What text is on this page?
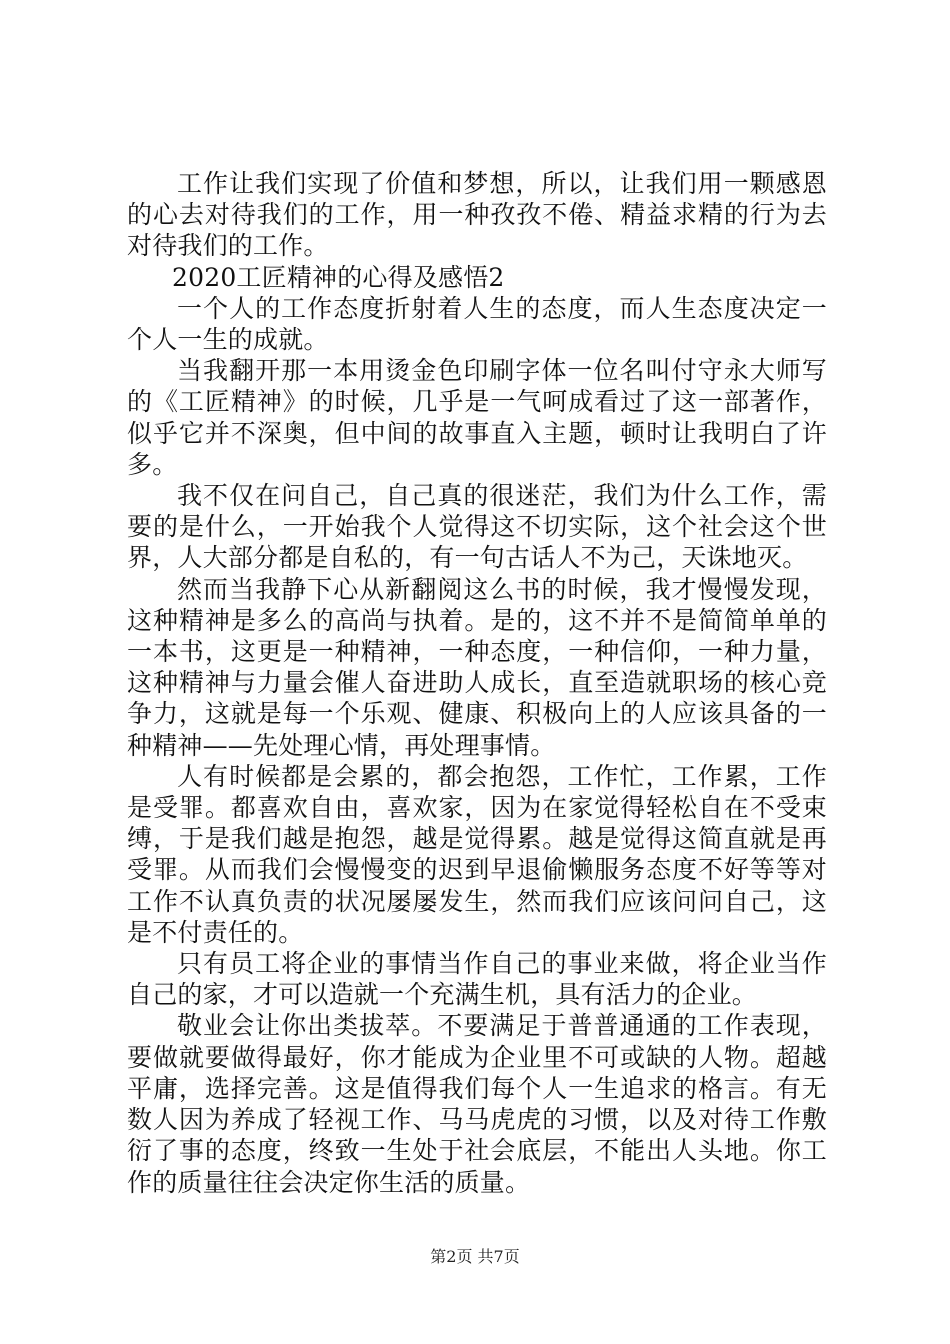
工作让我们实现了价值和梦想，所以，让我们用一颗感恩的心去对待我们的工作，用一种孜孜不倦、精益求精的行为去对待我们的工作。

2020工匠精神的心得及感悟2

一个人的工作态度折射着人生的态度，而人生态度决定一个人一生的成就。

当我翻开那一本用烫金色印刷字体一位名叫付守永大师写的《工匠精神》的时候，几乎是一气呵成看过了这一部著作，似乎它并不深奥，但中间的故事直入主题，顿时让我明白了许多。

我不仅在问自己，自己真的很迷茫，我们为什么工作，需要的是什么，一开始我个人觉得这不切实际，这个社会这个世界，人大部分都是自私的，有一句古话人不为己，天诛地灭。

然而当我静下心从新翻阅这么书的时候，我才慢慢发现，这种精神是多么的高尚与执着。是的，这不并不是简简单单的一本书，这更是一种精神，一种态度，一种信仰，一种力量，这种精神与力量会催人奋进助人成长，直至造就职场的核心竞争力，这就是每一个乐观、健康、积极向上的人应该具备的一种精神——先处理心情，再处理事情。

人有时候都是会累的，都会抱怨，工作忙，工作累，工作是受罪。都喜欢自由，喜欢家，因为在家觉得轻松自在不受束缚，于是我们越是抱怨，越是觉得累。越是觉得这简直就是再受罪。从而我们会慢慢变的迟到早退偷懒服务态度不好等等对工作不认真负责的状况屡屡发生，然而我们应该问问自己，这是不付责任的。

只有员工将企业的事情当作自己的事业来做，将企业当作自己的家，才可以造就一个充满生机，具有活力的企业。

敬业会让你出类拔萃。不要满足于普普通通的工作表现，要做就要做得最好，你才能成为企业里不可或缺的人物。超越平庸，选择完善。这是值得我们每个人一生追求的格言。有无数人因为养成了轻视工作、马马虎虎的习惯，以及对待工作敷衍了事的态度，终致一生处于社会底层，不能出人头地。你工作的质量往往会决定你生活的质量。

第2页 共7页
